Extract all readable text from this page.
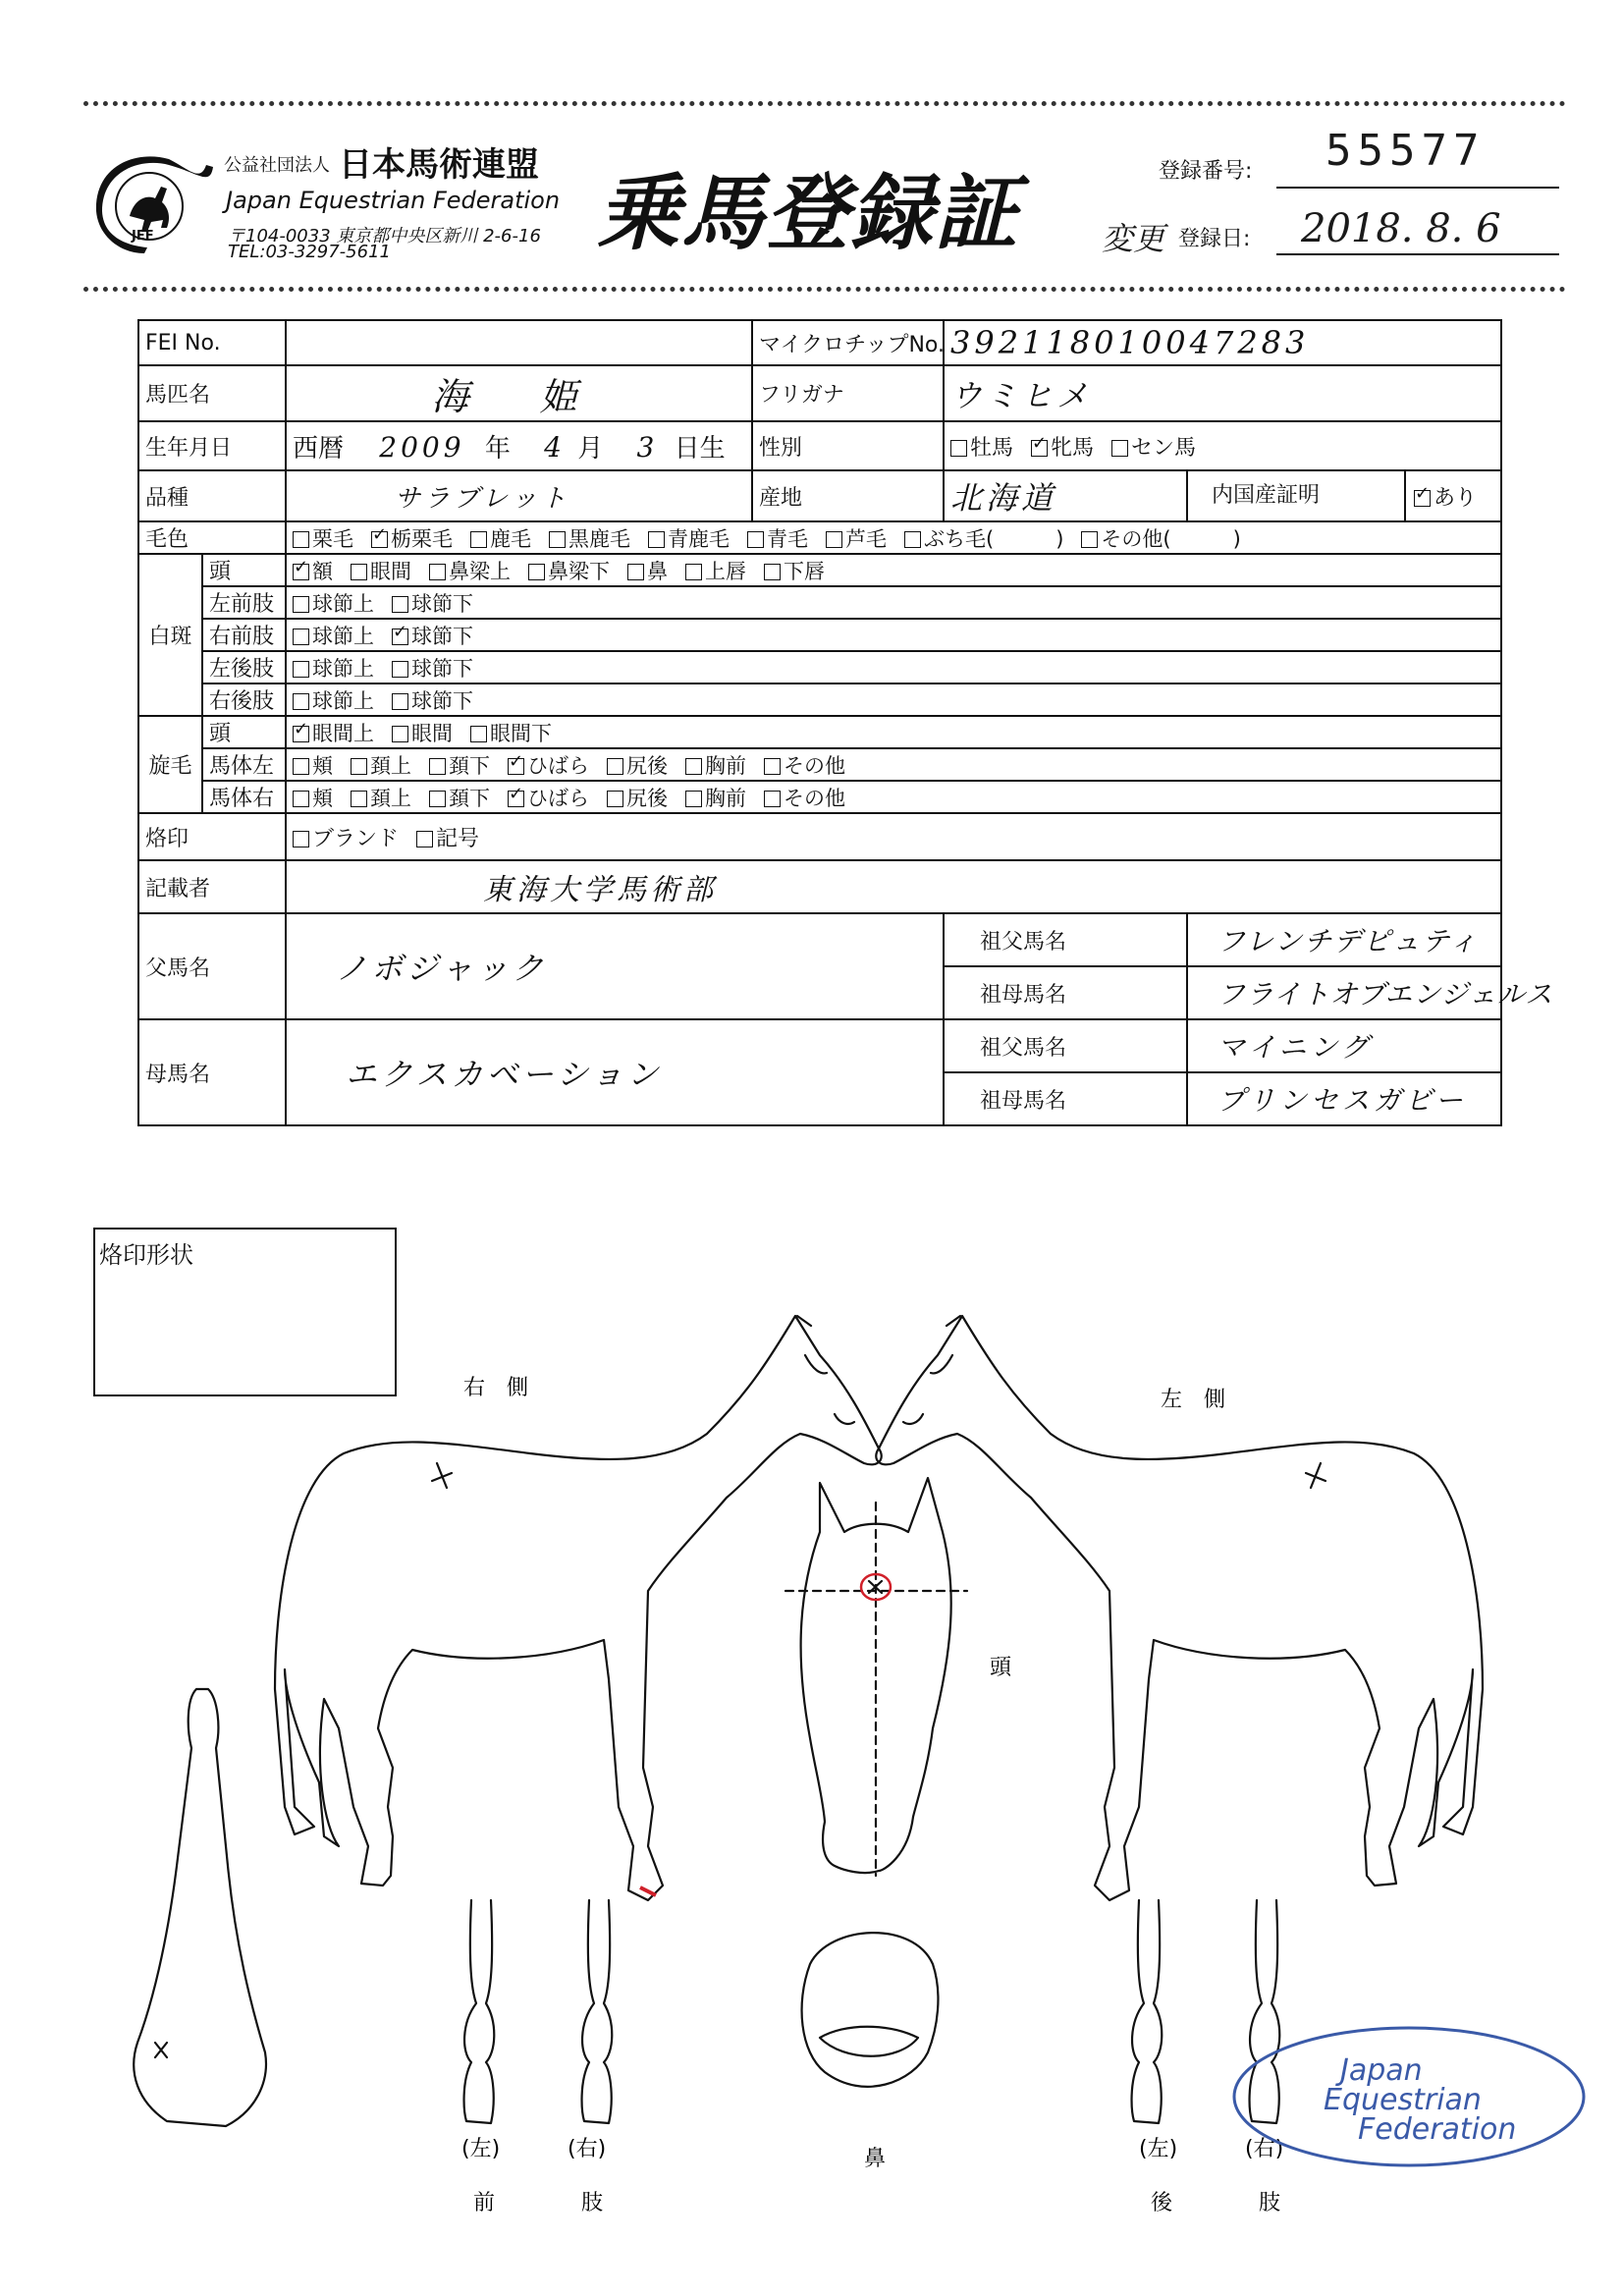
JEF
公益社団法人 日本馬術連盟
Japan Equestrian Federation
〒104-0033 東京都中央区新川 2-6-16
TEL:03-3297-5611	乗馬登録証	登録番号: 55577
変更 登録日: 2018. 8. 6
FEI No.			マイクロチップNo.	392118010047283	
馬匹名		海 姫	フリガナ	ウミヒメ	
生年月日		西暦 2009 年 4 月 3 日生	性別	牡馬 ✓ 牝馬 セン馬
品種		サラブレット	産地	北海道	内国産証明 ✓ あり

毛色		栗毛 ✓ 栃栗毛 鹿毛 黒鹿毛 青鹿毛 青毛 芦毛 ぶち毛(　　　) その他(　　　)
白斑	頭	✓額 眼間 鼻梁上 鼻梁下 鼻 上唇 下唇
	左前肢	球節上 球節下			
	右前肢	球節上 ✓ 球節下
	左後肢	球節上 球節下			
	右後肢	球節上 球節下			
旋毛	頭	✓眼間上 眼間 眼間下
	馬体左	頬 頚上 頚下 ✓ ひばら 尻後 胸前 その他
	馬体右	頬 頚上 頚下 ✓ ひばら 尻後 胸前 その他
烙印		ブランド 記号			
記載者		東海大学馬術部			
父馬名		ノボジャック		祖父馬名	フレンチデピュティ
				祖母馬名	フライトオブエンジェルス
母馬名		エクスカベーション		祖父馬名	マイニング
				祖母馬名	プリンセスガビー
烙印形状
右　側	左　側
頭
(左)	(右)
前	肢
鼻	(左)	(右)
後	肢
Japan
Equestrian
Federation
